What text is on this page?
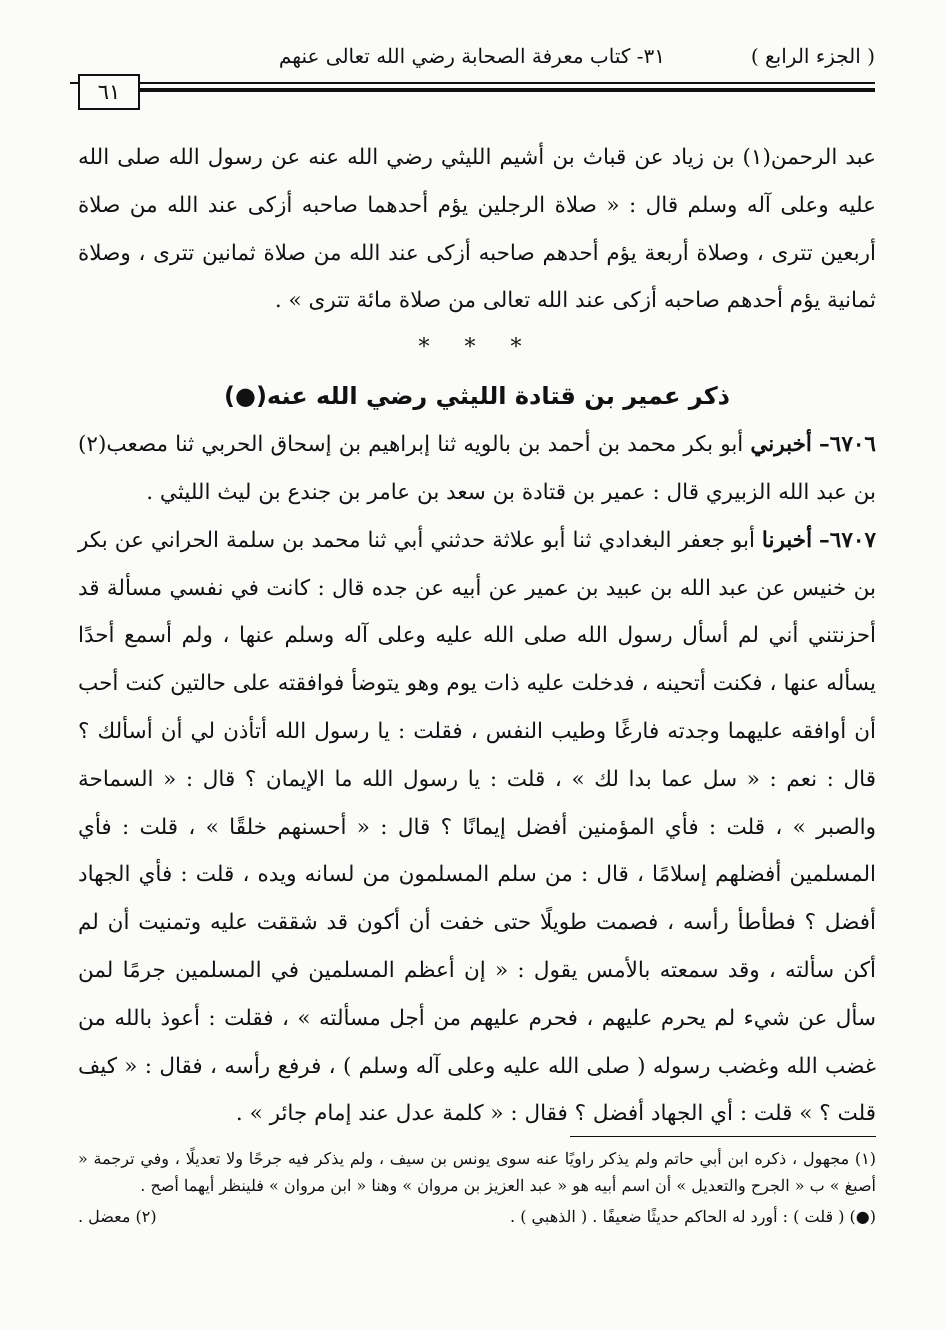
( الجزء الرابع )
٣١- كتاب معرفة الصحابة رضي الله تعالى عنهم
٦١

عبد الرحمن(١) بن زياد عن قباث بن أشيم الليثي رضي الله عنه عن رسول الله صلى الله عليه وعلى آله وسلم قال : « صلاة الرجلين يؤم أحدهما صاحبه أزكى عند الله من صلاة أربعين تترى ، وصلاة أربعة يؤم أحدهم صاحبه أزكى عند الله من صلاة ثمانين تترى ، وصلاة ثمانية يؤم أحدهم صاحبه أزكى عند الله تعالى من صلاة مائة تترى » .

* * *

ذكر عمير بن قتادة الليثي رضي الله عنه(●)

٦٧٠٦– أخبرني أبو بكر محمد بن أحمد بن بالويه ثنا إبراهيم بن إسحاق الحربي ثنا مصعب(٢) بن عبد الله الزبيري قال : عمير بن قتادة بن سعد بن عامر بن جندع بن ليث الليثي .

٦٧٠٧– أخبرنا أبو جعفر البغدادي ثنا أبو علاثة حدثني أبي ثنا محمد بن سلمة الحراني عن بكر بن خنيس عن عبد الله بن عبيد بن عمير عن أبيه عن جده قال : كانت في نفسي مسألة قد أحزنتني أني لم أسأل رسول الله صلى الله عليه وعلى آله وسلم عنها ، ولم أسمع أحدًا يسأله عنها ، فكنت أتحينه ، فدخلت عليه ذات يوم وهو يتوضأ فوافقته على حالتين كنت أحب أن أوافقه عليهما وجدته فارغًا وطيب النفس ، فقلت : يا رسول الله أتأذن لي أن أسألك ؟ قال : نعم : « سل عما بدا لك » ، قلت : يا رسول الله ما الإيمان ؟ قال : « السماحة والصبر » ، قلت : فأي المؤمنين أفضل إيمانًا ؟ قال : « أحسنهم خلقًا » ، قلت : فأي المسلمين أفضلهم إسلامًا ، قال : من سلم المسلمون من لسانه ويده ، قلت : فأي الجهاد أفضل ؟ فطأطأ رأسه ، فصمت طويلًا حتى خفت أن أكون قد شققت عليه وتمنيت أن لم أكن سألته ، وقد سمعته بالأمس يقول : « إن أعظم المسلمين في المسلمين جرمًا لمن سأل عن شيء لم يحرم عليهم ، فحرم عليهم من أجل مسألته » ، فقلت : أعوذ بالله من غضب الله وغضب رسوله ( صلى الله عليه وعلى آله وسلم ) ، فرفع رأسه ، فقال : « كيف قلت ؟ » قلت : أي الجهاد أفضل ؟ فقال : « كلمة عدل عند إمام جائر » .

(١) مجهول ، ذكره ابن أبي حاتم ولم يذكر راويًا عنه سوى يونس بن سيف ، ولم يذكر فيه جرحًا ولا تعديلًا ، وفي ترجمة « أصبغ » ب « الجرح والتعديل » أن اسم أبيه هو « عبد العزيز بن مروان » وهنا « ابن مروان » فلينظر أيهما أصح .

(●) ( قلت ) : أورد له الحاكم حديثًا ضعيفًا . ( الذهبي ) .
(٢) معضل .
